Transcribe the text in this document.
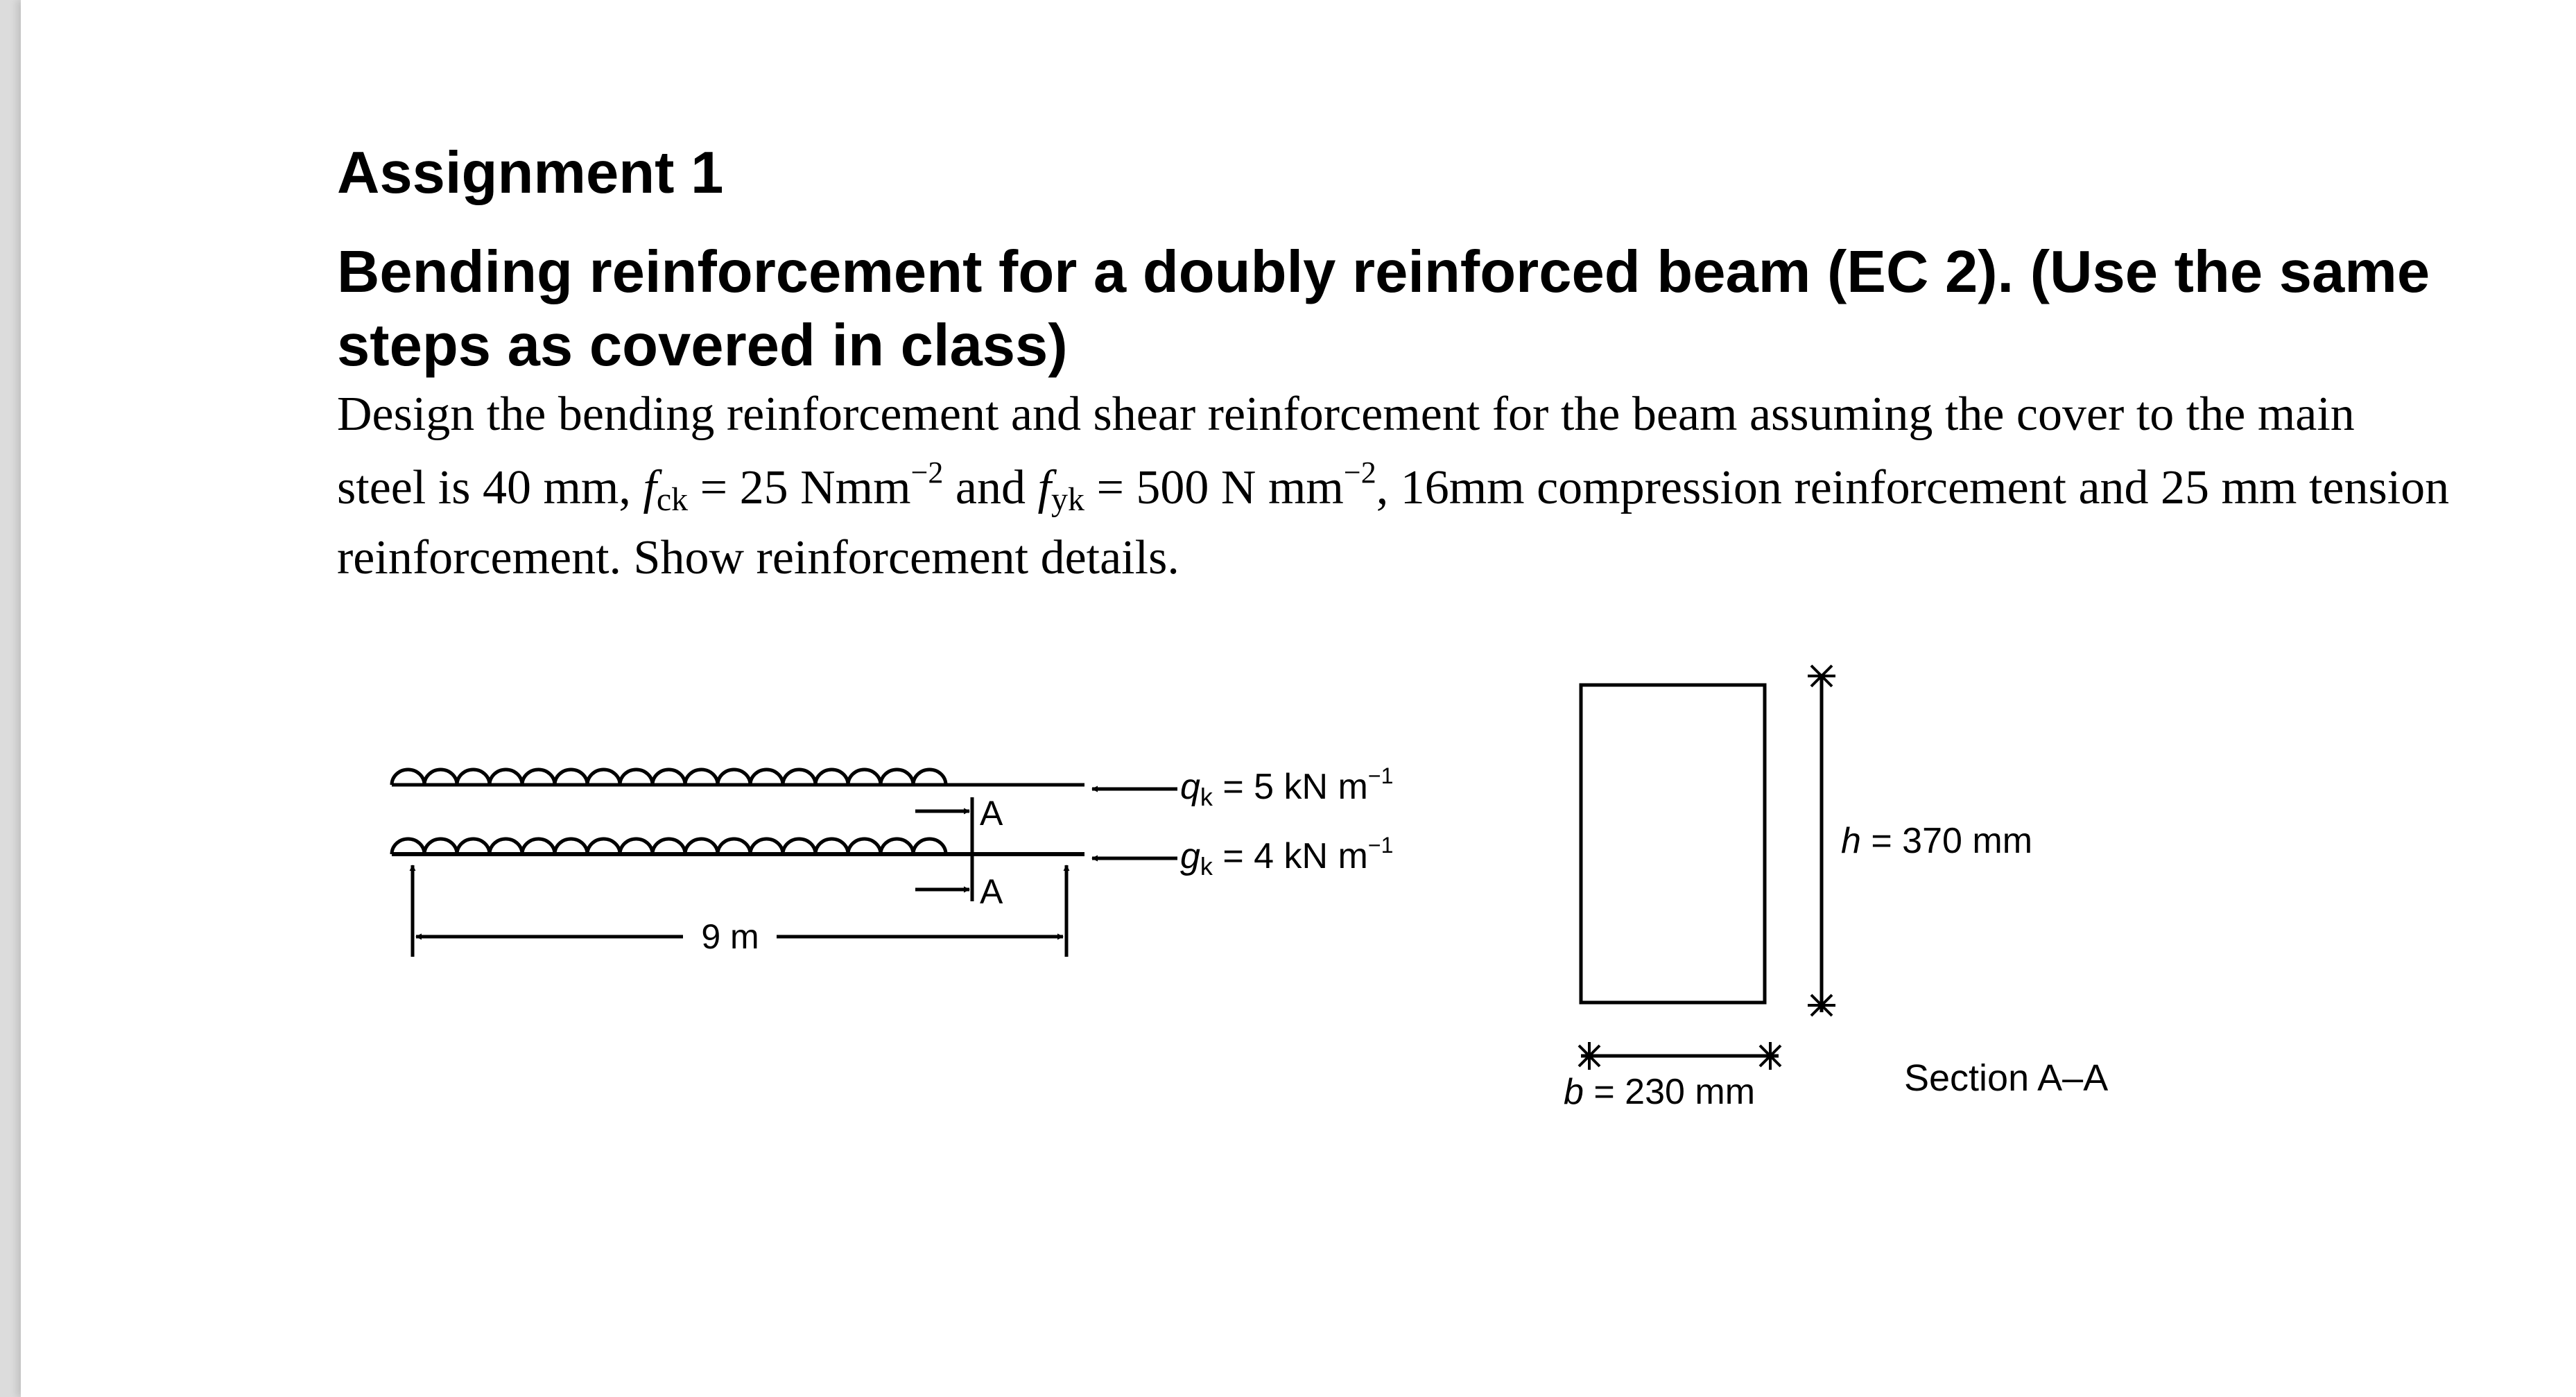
Assignment 1

Bending reinforcement for a doubly reinforced beam (EC 2). (Use the same steps as covered in class)

Design the bending reinforcement and shear reinforcement for the beam assuming the cover to the main steel is 40 mm, $f_{ck} = 25$ Nmm$^{-2}$ and $f_{yk} = 500$ N $mm^{-2}$, 16mm compression reinforcement and 25 mm tension reinforcement. Show reinforcement details.

A
A
9 m
qk = 5 kN $m^{-1}$
gk = 4 kN $m^{-1}$	h = 370 mm
b = 230 mm	Section A–A
